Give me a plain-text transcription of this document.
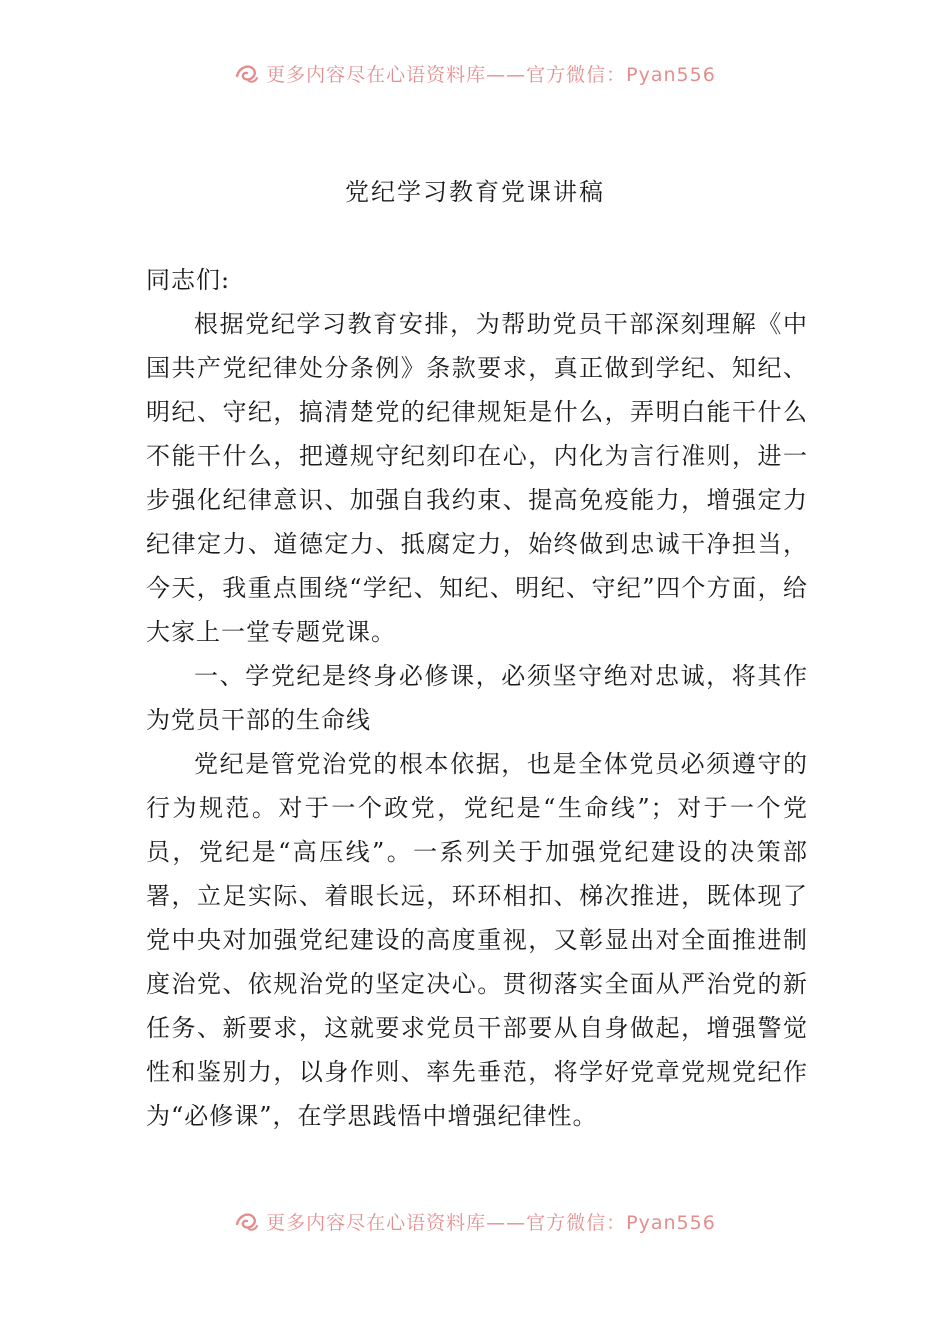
更多内容尽在心语资料库——官方微信：Pyan556
党纪学习教育党课讲稿

同志们:

根据党纪学习教育安排，为帮助党员干部深刻理解《中国共产党纪律处分条例》条款要求，真正做到学纪、知纪、明纪、守纪，搞清楚党的纪律规矩是什么，弄明白能干什么不能干什么，把遵规守纪刻印在心，内化为言行准则，进一步强化纪律意识、加强自我约束、提高免疫能力，增强定力纪律定力、道德定力、抵腐定力，始终做到忠诚干净担当，今天，我重点围绕“学纪、知纪、明纪、守纪”四个方面，给大家上一堂专题党课。

一、学党纪是终身必修课，必须坚守绝对忠诚，将其作为党员干部的生命线

党纪是管党治党的根本依据，也是全体党员必须遵守的行为规范。对于一个政党，党纪是“生命线”；对于一个党员，党纪是“高压线”。一系列关于加强党纪建设的决策部署，立足实际、着眼长远，环环相扣、梯次推进，既体现了党中央对加强党纪建设的高度重视，又彰显出对全面推进制度治党、依规治党的坚定决心。贯彻落实全面从严治党的新任务、新要求，这就要求党员干部要从自身做起，增强警觉性和鉴别力，以身作则、率先垂范，将学好党章党规党纪作为“必修课”，在学思践悟中增强纪律性。

更多内容尽在心语资料库——官方微信：Pyan556
